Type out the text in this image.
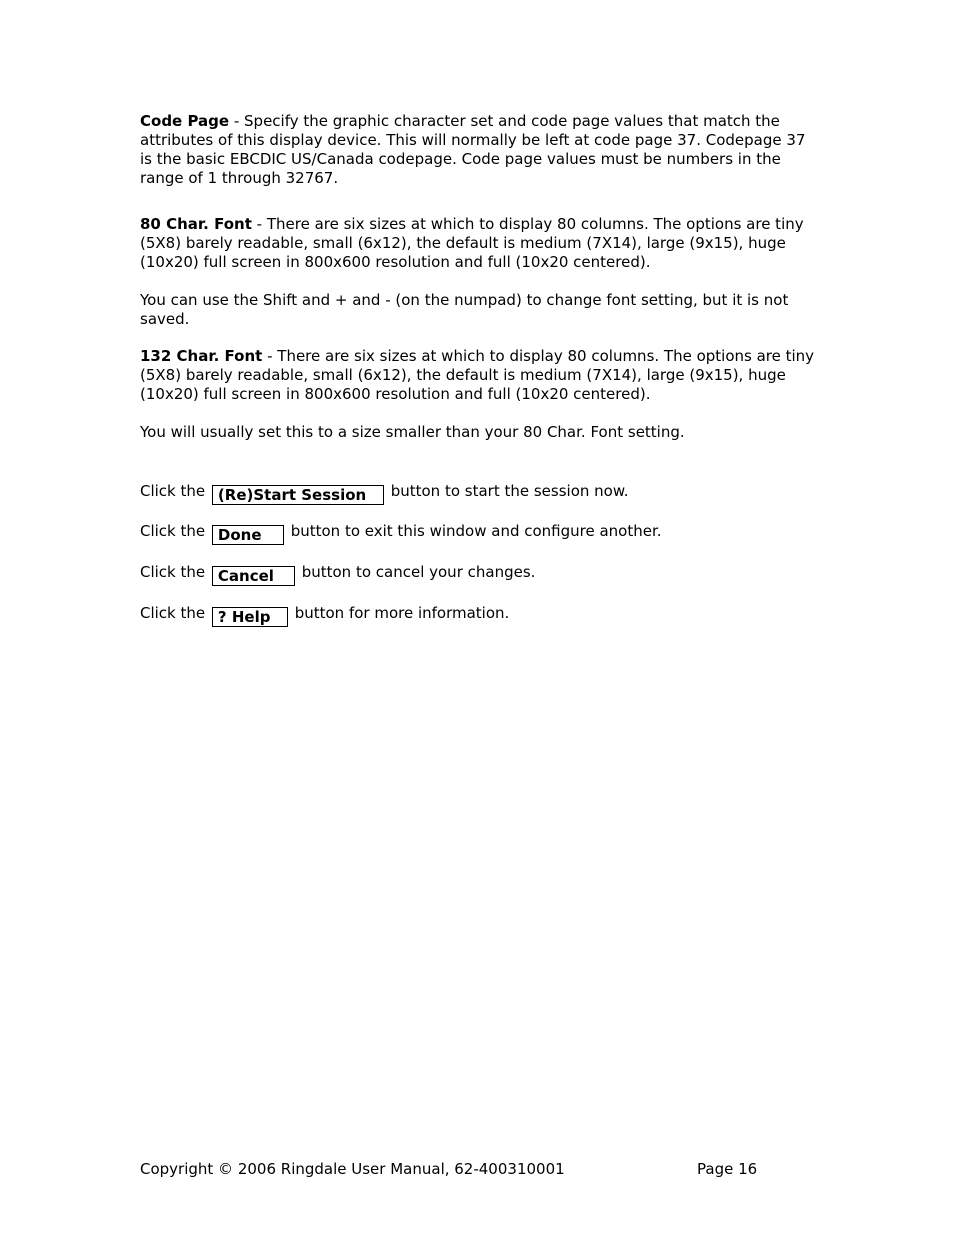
Code Page - Specify the graphic character set and code page values that match the attributes of this display device. This will normally be left at code page 37. Codepage 37 is the basic EBCDIC US/Canada codepage. Code page values must be numbers in the range of 1 through 32767.

80 Char. Font - There are six sizes at which to display 80 columns. The options are tiny (5X8) barely readable, small (6x12), the default is medium (7X14), large (9x15), huge (10x20) full screen in 800x600 resolution and full (10x20 centered).

You can use the Shift and + and - (on the numpad) to change font setting, but it is not saved.

132 Char. Font - There are six sizes at which to display 80 columns. The options are tiny (5X8) barely readable, small (6x12), the default is medium (7X14), large (9x15), huge (10x20) full screen in 800x600 resolution and full (10x20 centered).

You will usually set this to a size smaller than your 80 Char. Font setting.

Click the (Re)Start Session button to start the session now.
Click the Done button to exit this window and configure another.
Click the Cancel button to cancel your changes.
Click the ? Help button for more information.
Copyright © 2006 Ringdale User Manual, 62-400310001	Page 16
